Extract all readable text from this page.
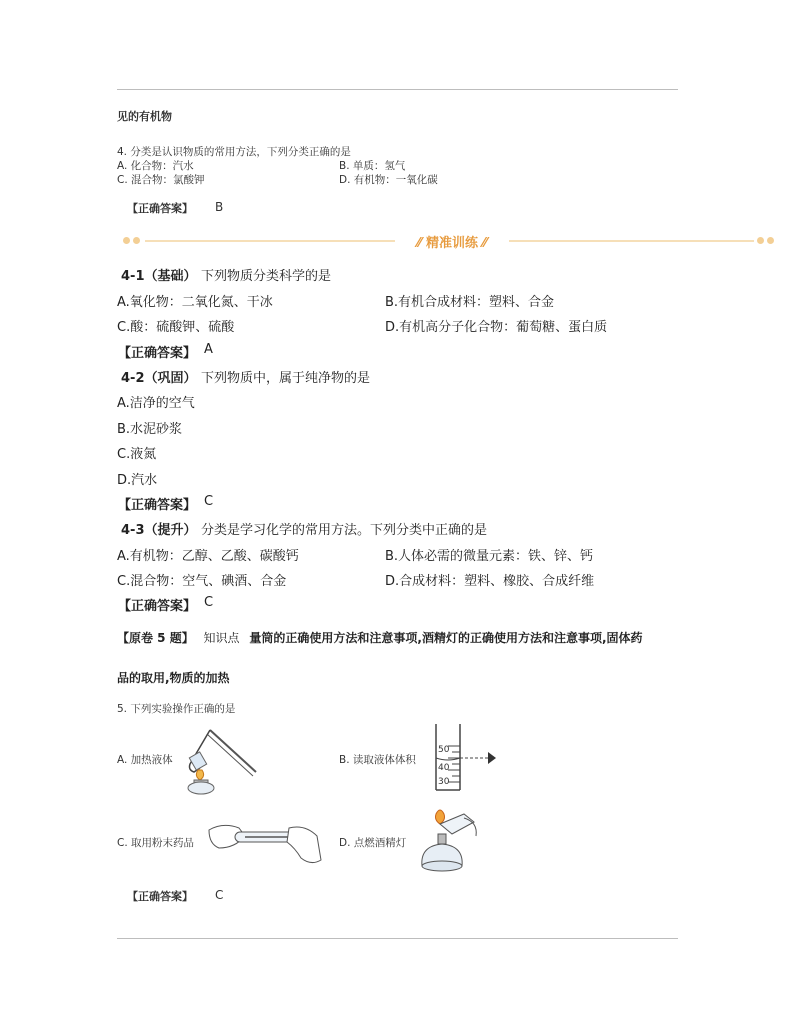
见的有机物
4. 分类是认识物质的常用方法，下列分类正确的是
A. 化合物：汽水	B. 单质：氢气
C. 混合物：氯酸钾	D. 有机物：一氧化碳
【正确答案】 B
⁄⁄ 精准训练 ⁄⁄
4-1（基础） 下列物质分类科学的是
A.氧化物：二氧化氮、干冰	B.有机合成材料：塑料、合金
C.酸：硫酸钾、硫酸	D.有机高分子化合物：葡萄糖、蛋白质
【正确答案】 A
4-2（巩固） 下列物质中，属于纯净物的是
A.洁净的空气
B.水泥砂浆
C.液氮
D.汽水
【正确答案】 C
4-3（提升） 分类是学习化学的常用方法。下列分类中正确的是
A.有机物：乙醇、乙酸、碳酸钙	B.人体必需的微量元素：铁、锌、钙
C.混合物：空气、碘酒、合金	D.合成材料：塑料、橡胶、合成纤维
【正确答案】 C
【原卷 5 题】 知识点 量筒的正确使用方法和注意事项,酒精灯的正确使用方法和注意事项,固体药
品的取用,物质的加热
5. 下列实验操作正确的是
A. 加热液体	B. 读取液体体积
50
40
30
C. 取用粉末药品	D. 点燃酒精灯
【正确答案】 C
